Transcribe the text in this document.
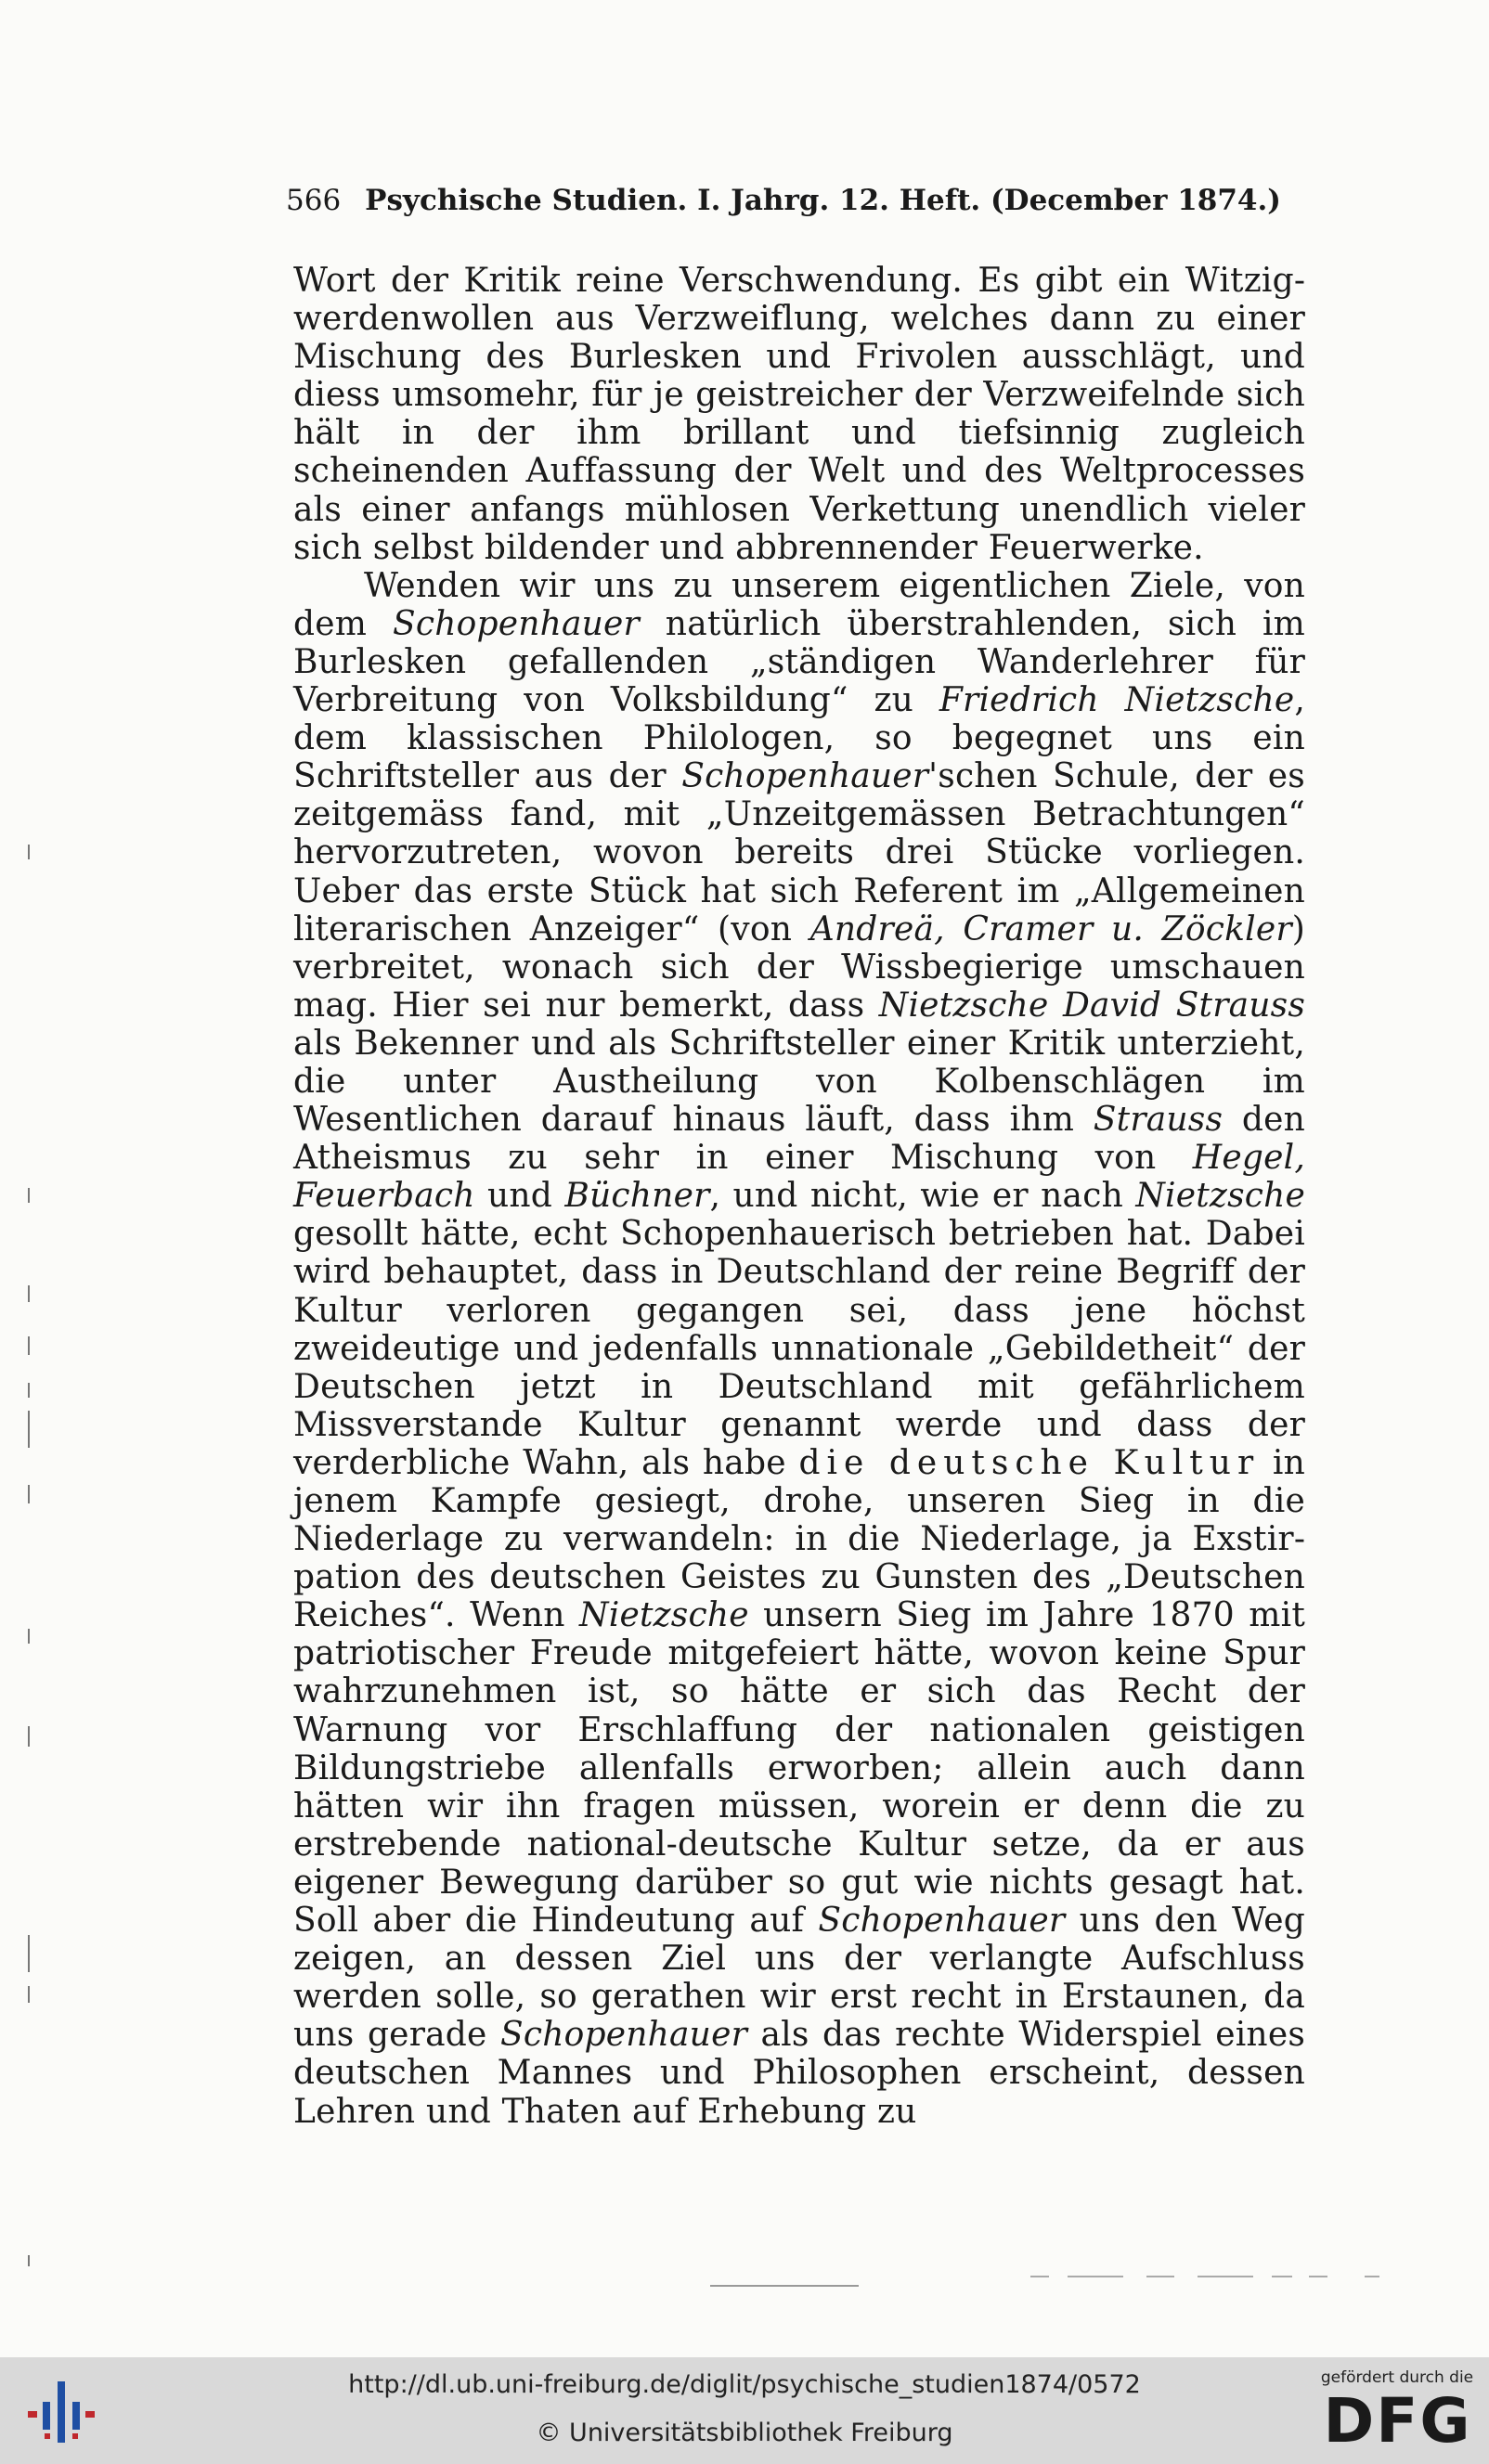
566 Psychische Studien. I. Jahrg. 12. Heft. (December 1874.)

Wort der Kritik reine Verschwendung. Es gibt ein Witzigwerdenwollen aus Verzweiflung, welches dann zu einer Mischung des Burlesken und Frivolen ausschlägt, und diess umsomehr, für je geistreicher der Verzweifelnde sich hält in der ihm brillant und tiefsinnig zugleich scheinenden Auffassung der Welt und des Weltprocesses als einer anfangs mühlosen Verkettung unendlich vieler sich selbst bildender und abbrennender Feuerwerke.

Wenden wir uns zu unserem eigentlichen Ziele, von dem Schopenhauer natürlich überstrahlenden, sich im Burlesken gefallenden „ständigen Wanderlehrer für Verbreitung von Volksbildung“ zu Friedrich Nietzsche, dem klassischen Philologen, so begegnet uns ein Schriftsteller aus der Schopenhauer'schen Schule, der es zeitgemäss fand, mit „Unzeitgemässen Betrachtungen“ hervorzutreten, wovon bereits drei Stücke vorliegen. Ueber das erste Stück hat sich Referent im „Allgemeinen literarischen Anzeiger“ (von Andreä, Cramer u. Zöckler) verbreitet, wonach sich der Wissbegierige umschauen mag. Hier sei nur bemerkt, dass Nietzsche David Strauss als Bekenner und als Schriftsteller einer Kritik unterzieht, die unter Austheilung von Kolbenschlägen im Wesentlichen darauf hinaus läuft, dass ihm Strauss den Atheismus zu sehr in einer Mischung von Hegel, Feuerbach und Büchner, und nicht, wie er nach Nietzsche gesollt hätte, echt Schopenhauerisch betrieben hat. Dabei wird behauptet, dass in Deutschland der reine Begriff der Kultur verloren gegangen sei, dass jene höchst zweideutige und jedenfalls unnationale „Gebildetheit“ der Deutschen jetzt in Deutschland mit gefährlichem Missverstande Kultur genannt werde und dass der verderbliche Wahn, als habe die deutsche Kultur in jenem Kampfe gesiegt, drohe, unseren Sieg in die Niederlage zu verwandeln: in die Niederlage, ja Exstirpation des deutschen Geistes zu Gunsten des „Deutschen Reiches“. Wenn Nietzsche unsern Sieg im Jahre 1870 mit patriotischer Freude mitgefeiert hätte, wovon keine Spur wahrzunehmen ist, so hätte er sich das Recht der Warnung vor Erschlaffung der nationalen geistigen Bildungstriebe allenfalls erworben; allein auch dann hätten wir ihn fragen müssen, worein er denn die zu erstrebende national-deutsche Kultur setze, da er aus eigener Bewegung darüber so gut wie nichts gesagt hat. Soll aber die Hindeutung auf Schopenhauer uns den Weg zeigen, an dessen Ziel uns der verlangte Aufschluss werden solle, so gerathen wir erst recht in Erstaunen, da uns gerade Schopenhauer als das rechte Widerspiel eines deutschen Mannes und Philosophen erscheint, dessen Lehren und Thaten auf Erhebung zu

http://dl.ub.uni-freiburg.de/diglit/psychische_studien1874/0572
© Universitätsbibliothek Freiburg
gefördert durch die
DFG
